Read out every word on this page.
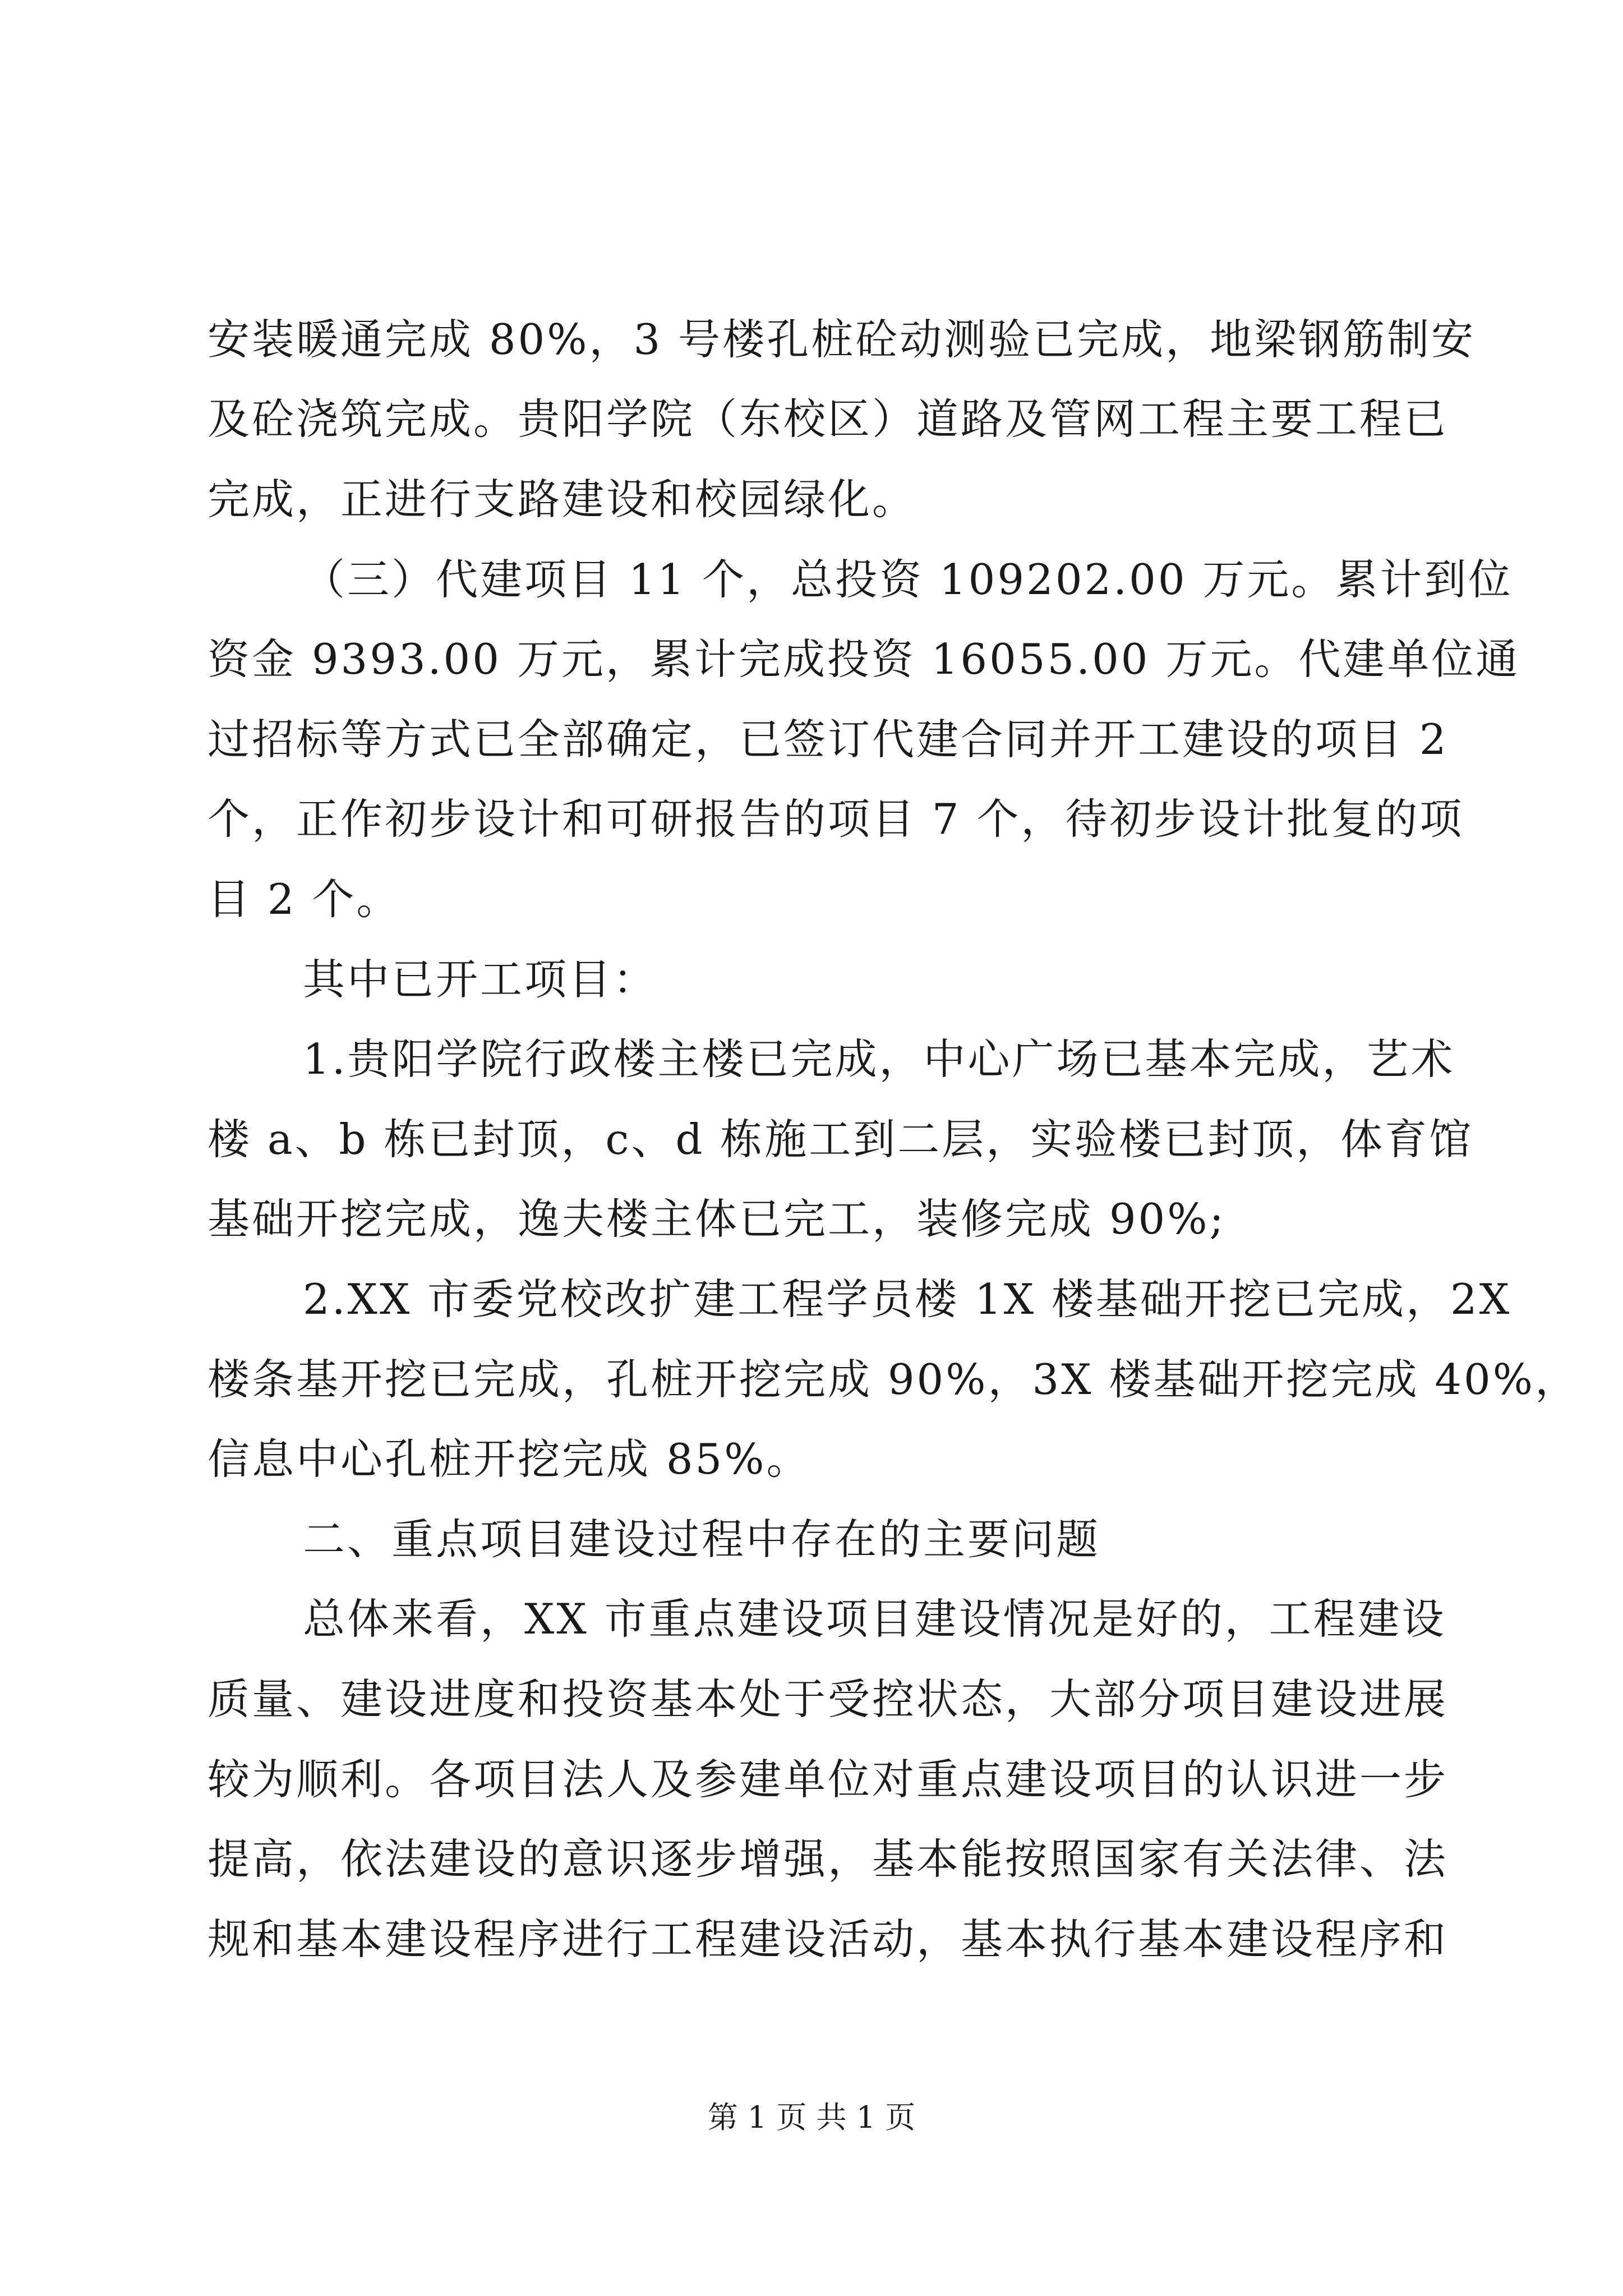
安装暖通完成 80%，3 号楼孔桩砼动测验已完成，地梁钢筋制安
及砼浇筑完成。贵阳学院（东校区）道路及管网工程主要工程已
完成，正进行支路建设和校园绿化。
（三）代建项目 11 个，总投资 109202.00 万元。累计到位
资金 9393.00 万元，累计完成投资 16055.00 万元。代建单位通
过招标等方式已全部确定，已签订代建合同并开工建设的项目 2
个，正作初步设计和可研报告的项目 7 个，待初步设计批复的项
目 2 个。
其中已开工项目：
1.贵阳学院行政楼主楼已完成，中心广场已基本完成，艺术
楼 a、b 栋已封顶，c、d 栋施工到二层，实验楼已封顶，体育馆
基础开挖完成，逸夫楼主体已完工，装修完成 90%;
2.XX 市委党校改扩建工程学员楼 1X 楼基础开挖已完成，2X
楼条基开挖已完成，孔桩开挖完成 90%，3X 楼基础开挖完成 40%，
信息中心孔桩开挖完成 85%。
二、重点项目建设过程中存在的主要问题
总体来看，XX 市重点建设项目建设情况是好的，工程建设
质量、建设进度和投资基本处于受控状态，大部分项目建设进展
较为顺利。各项目法人及参建单位对重点建设项目的认识进一步
提高，依法建设的意识逐步增强，基本能按照国家有关法律、法
规和基本建设程序进行工程建设活动，基本执行基本建设程序和
第 1 页 共 1 页
